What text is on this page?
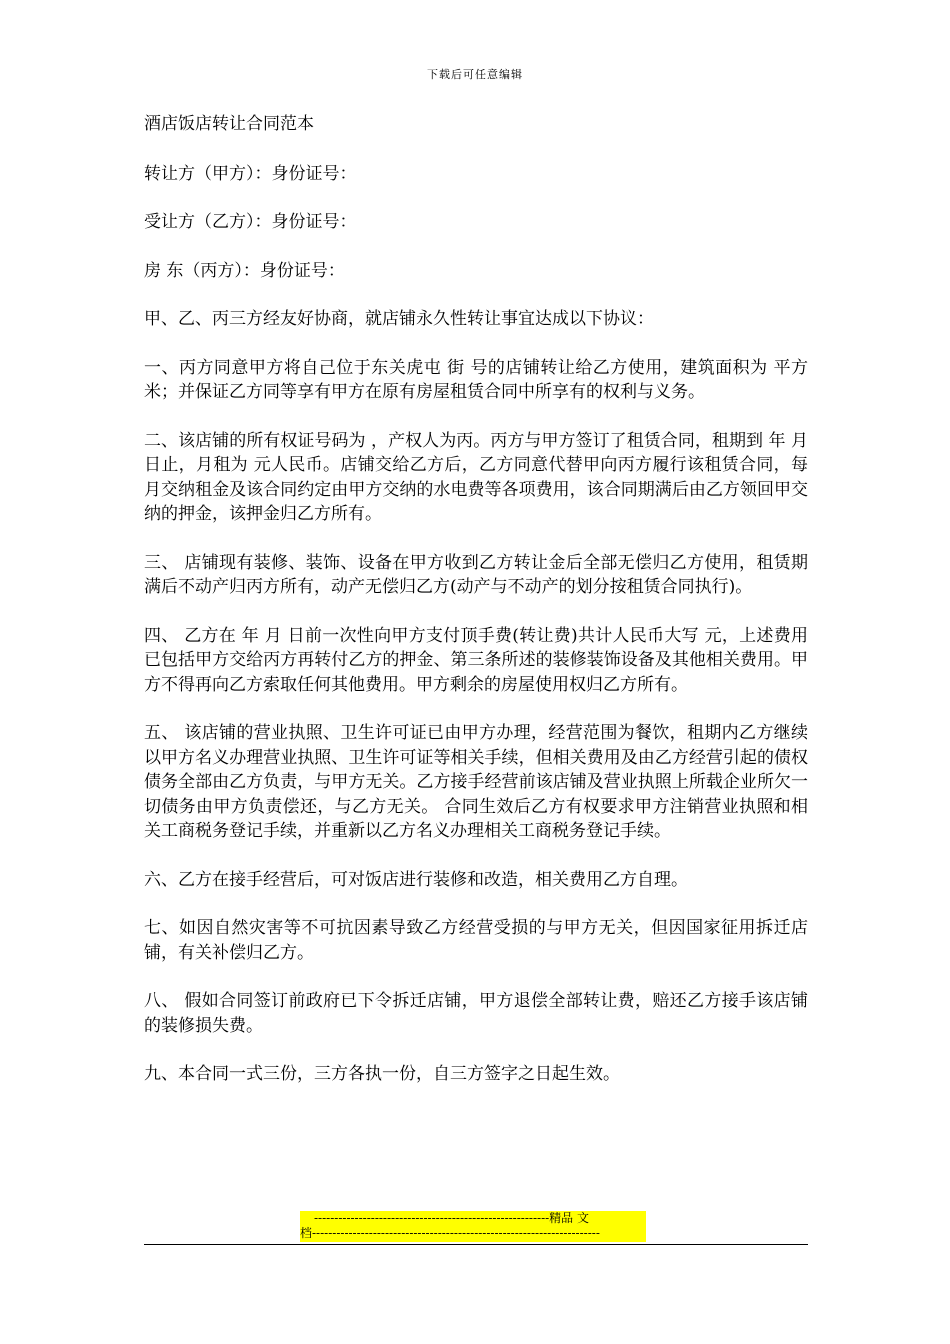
下载后可任意编辑

酒店饭店转让合同范本

转让方（甲方）：身份证号：

受让方（乙方）：身份证号：

房 东（丙方）：身份证号：

甲、乙、丙三方经友好协商，就店铺永久性转让事宜达成以下协议：

一、丙方同意甲方将自己位于东关虎屯 街 号的店铺转让给乙方使用，建筑面积为 平方米；并保证乙方同等享有甲方在原有房屋租赁合同中所享有的权利与义务。

二、该店铺的所有权证号码为 ，产权人为丙。丙方与甲方签订了租赁合同，租期到 年 月 日止，月租为 元人民币。店铺交给乙方后，乙方同意代替甲向丙方履行该租赁合同，每月交纳租金及该合同约定由甲方交纳的水电费等各项费用，该合同期满后由乙方领回甲交纳的押金，该押金归乙方所有。

三、 店铺现有装修、装饰、设备在甲方收到乙方转让金后全部无偿归乙方使用，租赁期满后不动产归丙方所有，动产无偿归乙方(动产与不动产的划分按租赁合同执行)。

四、 乙方在 年 月 日前一次性向甲方支付顶手费(转让费)共计人民币大写 元，上述费用已包括甲方交给丙方再转付乙方的押金、第三条所述的装修装饰设备及其他相关费用。甲方不得再向乙方索取任何其他费用。甲方剩余的房屋使用权归乙方所有。

五、 该店铺的营业执照、卫生许可证已由甲方办理，经营范围为餐饮，租期内乙方继续以甲方名义办理营业执照、卫生许可证等相关手续，但相关费用及由乙方经营引起的债权债务全部由乙方负责，与甲方无关。乙方接手经营前该店铺及营业执照上所载企业所欠一切债务由甲方负责偿还，与乙方无关。 合同生效后乙方有权要求甲方注销营业执照和相关工商税务登记手续，并重新以乙方名义办理相关工商税务登记手续。

六、乙方在接手经营后，可对饭店进行装修和改造，相关费用乙方自理。

七、如因自然灾害等不可抗因素导致乙方经营受损的与甲方无关，但因国家征用拆迁店铺，有关补偿归乙方。

八、 假如合同签订前政府已下令拆迁店铺，甲方退偿全部转让费，赔还乙方接手该店铺的装修损失费。

九、本合同一式三份，三方各执一份，自三方签字之日起生效。

----------------------------------------------------------精品 文
档-----------------------------------------------------------------------
